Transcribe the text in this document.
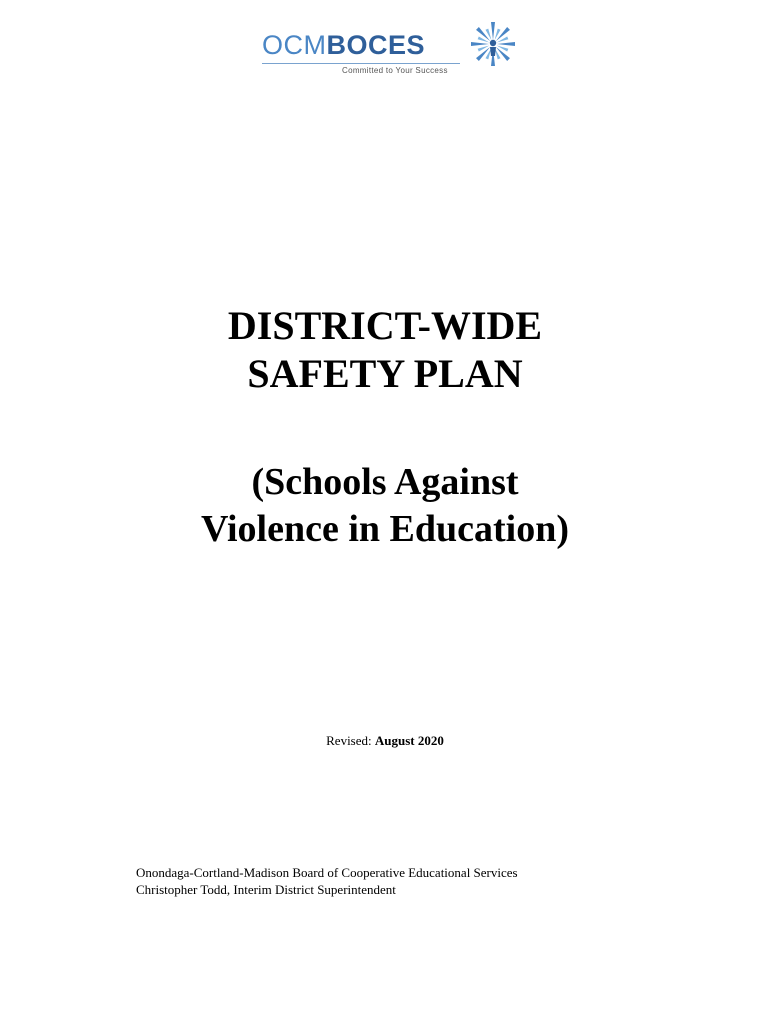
OCMBOCES
Committed to Your Success
DISTRICT-WIDE
SAFETY PLAN
(Schools Against
Violence in Education)
Revised: August 2020
Onondaga-Cortland-Madison Board of Cooperative Educational Services
Christopher Todd, Interim District Superintendent
